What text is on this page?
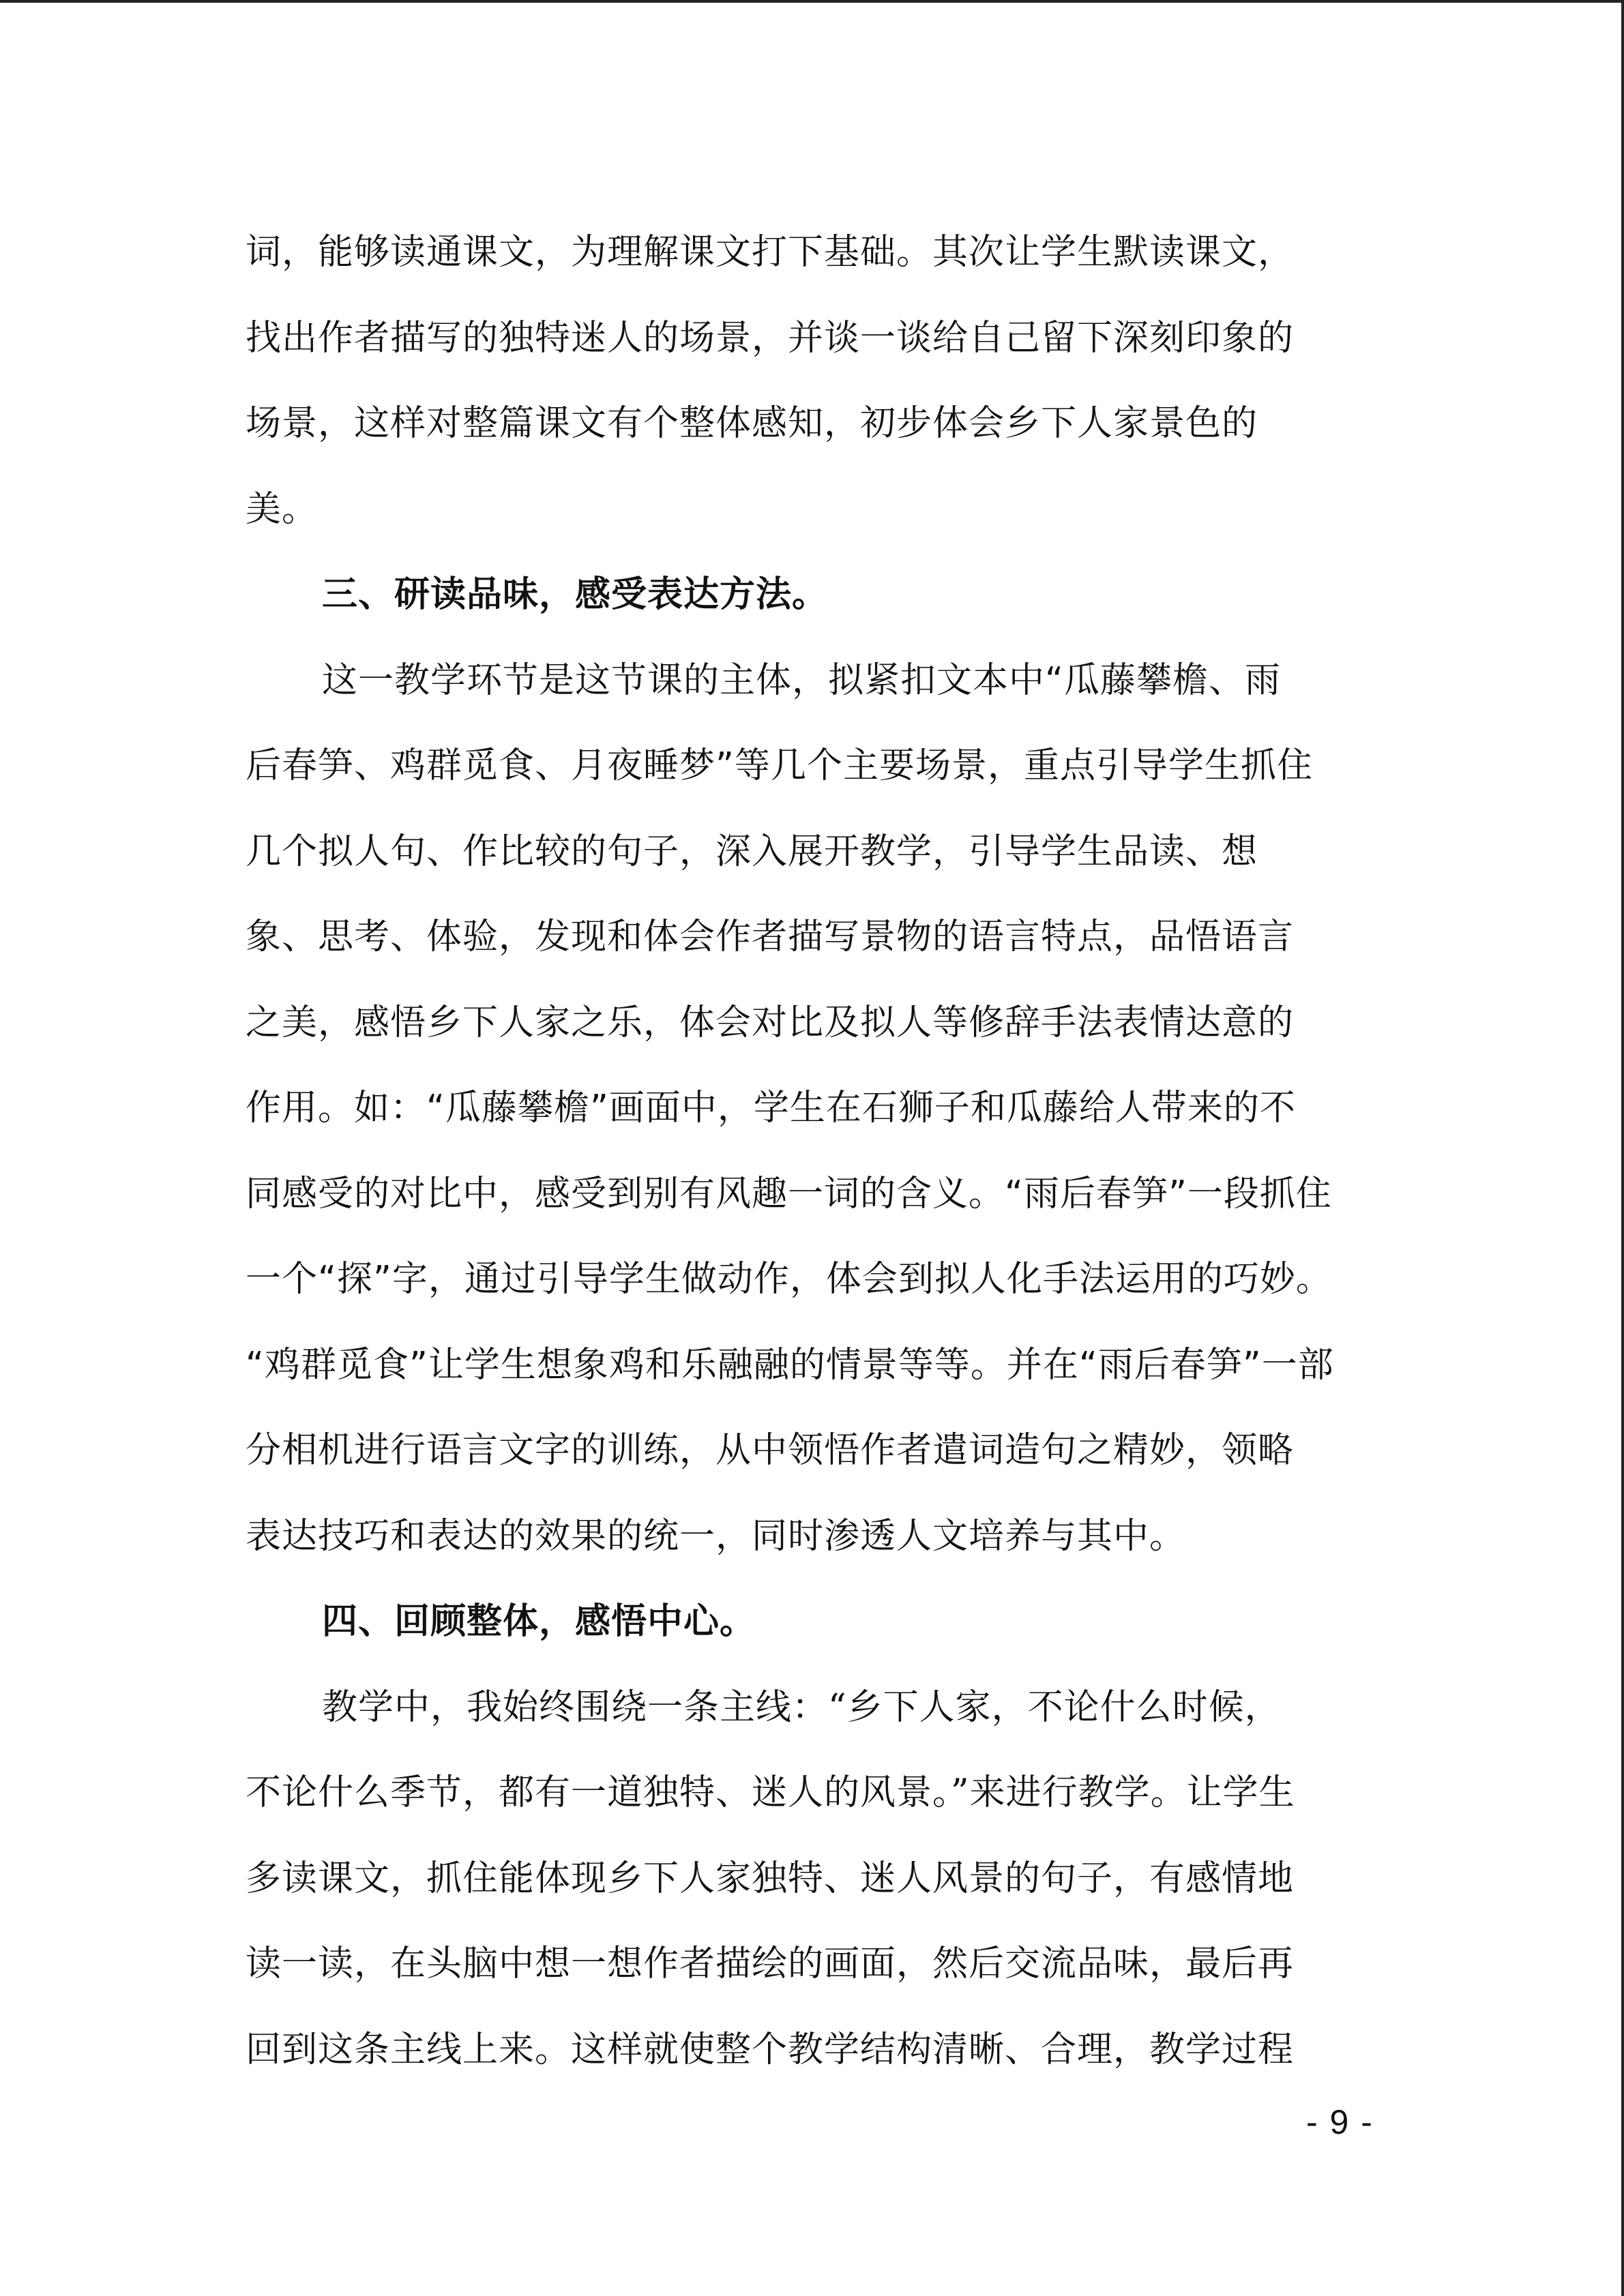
词，能够读通课文，为理解课文打下基础。其次让学生默读课文，
找出作者描写的独特迷人的场景，并谈一谈给自己留下深刻印象的
场景，这样对整篇课文有个整体感知，初步体会乡下人家景色的
美。
三、研读品味，感受表达方法。
这一教学环节是这节课的主体，拟紧扣文本中“瓜藤攀檐、雨
后春笋、鸡群觅食、月夜睡梦”等几个主要场景，重点引导学生抓住
几个拟人句、作比较的句子，深入展开教学，引导学生品读、想
象、思考、体验，发现和体会作者描写景物的语言特点，品悟语言
之美，感悟乡下人家之乐，体会对比及拟人等修辞手法表情达意的
作用。如：“瓜藤攀檐”画面中，学生在石狮子和瓜藤给人带来的不
同感受的对比中，感受到别有风趣一词的含义。“雨后春笋”一段抓住
一个“探”字，通过引导学生做动作，体会到拟人化手法运用的巧妙。
“鸡群觅食”让学生想象鸡和乐融融的情景等等。并在“雨后春笋”一部
分相机进行语言文字的训练，从中领悟作者遣词造句之精妙，领略
表达技巧和表达的效果的统一，同时渗透人文培养与其中。
四、回顾整体，感悟中心。
教学中，我始终围绕一条主线：“乡下人家，不论什么时候，
不论什么季节，都有一道独特、迷人的风景。”来进行教学。让学生
多读课文，抓住能体现乡下人家独特、迷人风景的句子，有感情地
读一读，在头脑中想一想作者描绘的画面，然后交流品味，最后再
回到这条主线上来。这样就使整个教学结构清晰、合理，教学过程
- 9 -
